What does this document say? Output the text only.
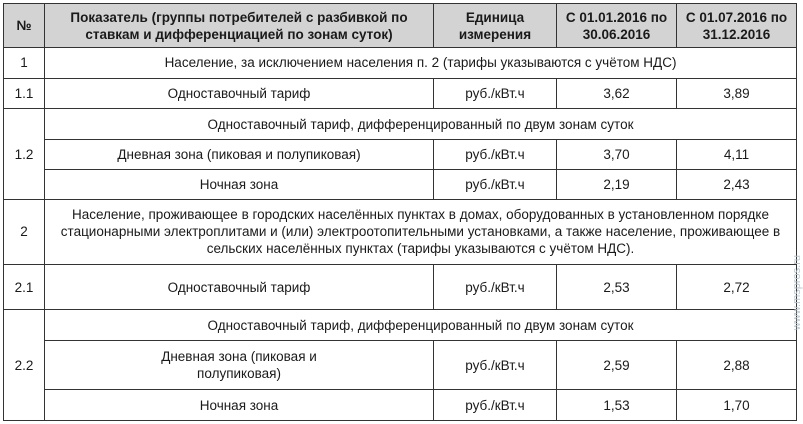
№	Показатель (группы потребителей с разбивкой по ставкам и дифференциацией по зонам суток)	Единица измерения	С 01.01.2016 по 30.06.2016	С 01.07.2016 по 31.12.2016
1	Население, за исключением населения п. 2 (тарифы указываются с учётом НДС)			
1.1	Одноставочный тариф	руб./кВт.ч	3,62	3,89
1.2	Одноставочный тариф, дифференцированный по двум зонам суток			
	Дневная зона (пиковая и полупиковая)	руб./кВт.ч	3,70	4,11
	Ночная зона	руб./кВт.ч	2,19	2,43
2	Население, проживающее в городских населённых пунктах в домах, оборудованных в установленном порядке стационарными электроплитами и (или) электроотопительными установками, а также население, проживающее в сельских населённых пунктах (тарифы указываются с учётом НДС).			
2.1	Одноставочный тариф	руб./кВт.ч	2,53	2,72
2.2	Одноставочный тариф, дифференцированный по двум зонам суток			

	Дневная зона (пиковая и полупиковая)	руб./кВт.ч	2,59	2,88
	Ночная зона	руб./кВт.ч	1,53	1,70
www.mspros.ru
